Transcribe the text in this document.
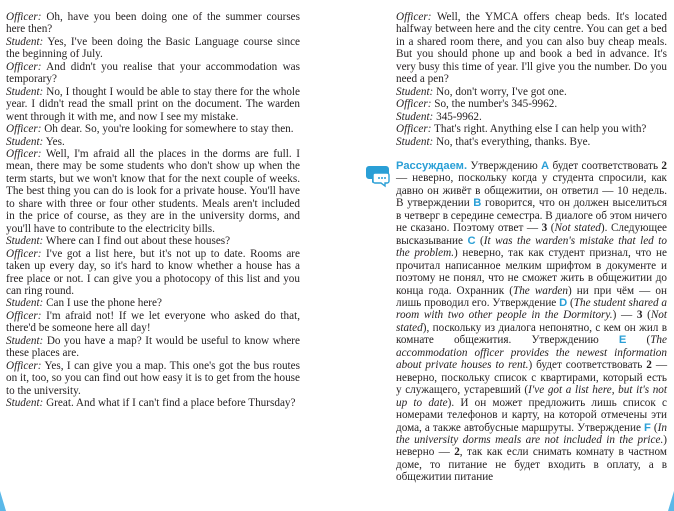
Officer: Oh, have you been doing one of the summer courses here then?

Student: Yes, I've been doing the Basic Language course since the beginning of July.

Officer: And didn't you realise that your accommodation was temporary?

Student: No, I thought I would be able to stay there for the whole year. I didn't read the small print on the document. The warden went through it with me, and now I see my mistake.

Officer: Oh dear. So, you're looking for somewhere to stay then.

Student: Yes.

Officer: Well, I'm afraid all the places in the dorms are full. I mean, there may be some students who don't show up when the term starts, but we won't know that for the next couple of weeks. The best thing you can do is look for a private house. You'll have to share with three or four other students. Meals aren't included in the price of course, as they are in the university dorms, and you'll have to contribute to the electricity bills.

Student: Where can I find out about these houses?

Officer: I've got a list here, but it's not up to date. Rooms are taken up every day, so it's hard to know whether a house has a free place or not. I can give you a photocopy of this list and you can ring round.

Student: Can I use the phone here?

Officer: I'm afraid not! If we let everyone who asked do that, there'd be someone here all day!

Student: Do you have a map? It would be useful to know where these places are.

Officer: Yes, I can give you a map. This one's got the bus routes on it, too, so you can find out how easy it is to get from the house to the university.

Student: Great. And what if I can't find a place before Thursday?

Officer: Well, the YMCA offers cheap beds. It's located halfway between here and the city centre. You can get a bed in a shared room there, and you can also buy cheap meals. But you should phone up and book a bed in advance. It's very busy this time of year. I'll give you the number. Do you need a pen?

Student: No, don't worry, I've got one.

Officer: So, the number's 345-9962.

Student: 345-9962.

Officer: That's right. Anything else I can help you with?

Student: No, that's everything, thanks. Bye.

Рассуждаем. Утверждению A будет соответствовать 2 — неверно, поскольку когда у студента спросили, как давно он живёт в общежитии, он ответил — 10 недель. В утверждении B говорится, что он должен выселиться в четверг в середине семестра. В диалоге об этом ничего не сказано. Поэтому ответ — 3 (Not stated). Следующее высказывание C (It was the warden's mistake that led to the problem.) неверно, так как студент признал, что не прочитал написанное мелким шрифтом в документе и поэтому не понял, что не сможет жить в общежитии до конца года. Охранник (The warden) ни при чём — он лишь проводил его. Утверждение D (The student shared a room with two other people in the Dormitory.) — 3 (Not stated), поскольку из диалога непонятно, с кем он жил в комнате общежития. Утверждению E (The accommodation officer provides the newest information about private houses to rent.) будет соответствовать 2 — неверно, поскольку список с квартирами, который есть у служащего, устаревший (I've got a list here, but it's not up to date). И он может предложить лишь список с номерами телефонов и карту, на которой отмечены эти дома, а также автобусные маршруты. Утверждение F (In the university dorms meals are not included in the price.) неверно — 2, так как если снимать комнату в частном доме, то питание не будет входить в оплату, а в общежитии питание
